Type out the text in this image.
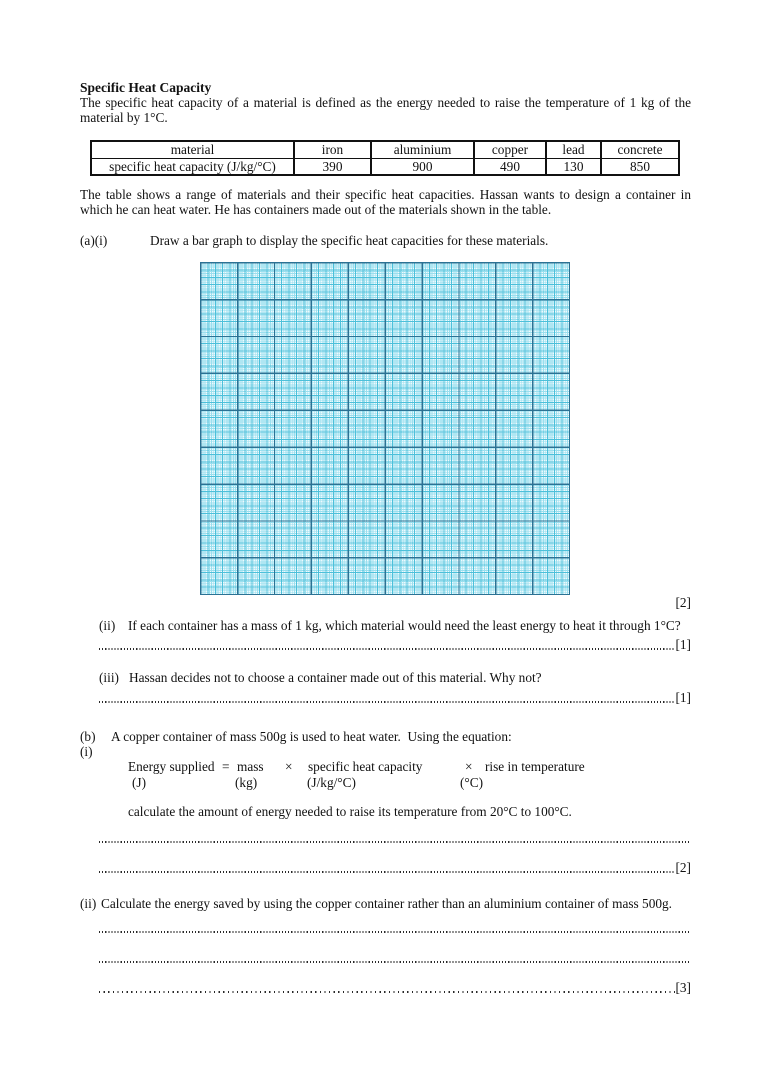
Specific Heat Capacity

The specific heat capacity of a material is defined as the energy needed to raise the temperature of 1 kg of the material by 1°C.

material	iron	aluminium	copper	lead	concrete
specific heat capacity (J/kg/°C)	390	900	490	130	850

The table shows a range of materials and their specific heat capacities. Hassan wants to design a container in which he can heat water. He has containers made out of the materials shown in the table.

(a)(i)	Draw a bar graph to display the specific heat capacities for these materials.
[2]
(ii) If each container has a mass of 1 kg, which material would need the least energy to heat it through 1°C?
[1]
(iii) Hassan decides not to choose a container made out of this material. Why not?
[1]
(b) (i)
A copper container of mass 500g is used to heat water.  Using the equation:
Energy supplied = mass × specific heat capacity	× rise in temperature
(J)	(kg)	(J/kg/°C)	(°C)
calculate the amount of energy needed to raise its temperature from 20°C to 100°C.
[2]
(ii) Calculate the energy saved by using the copper container rather than an aluminium container of mass 500g.
[3]
